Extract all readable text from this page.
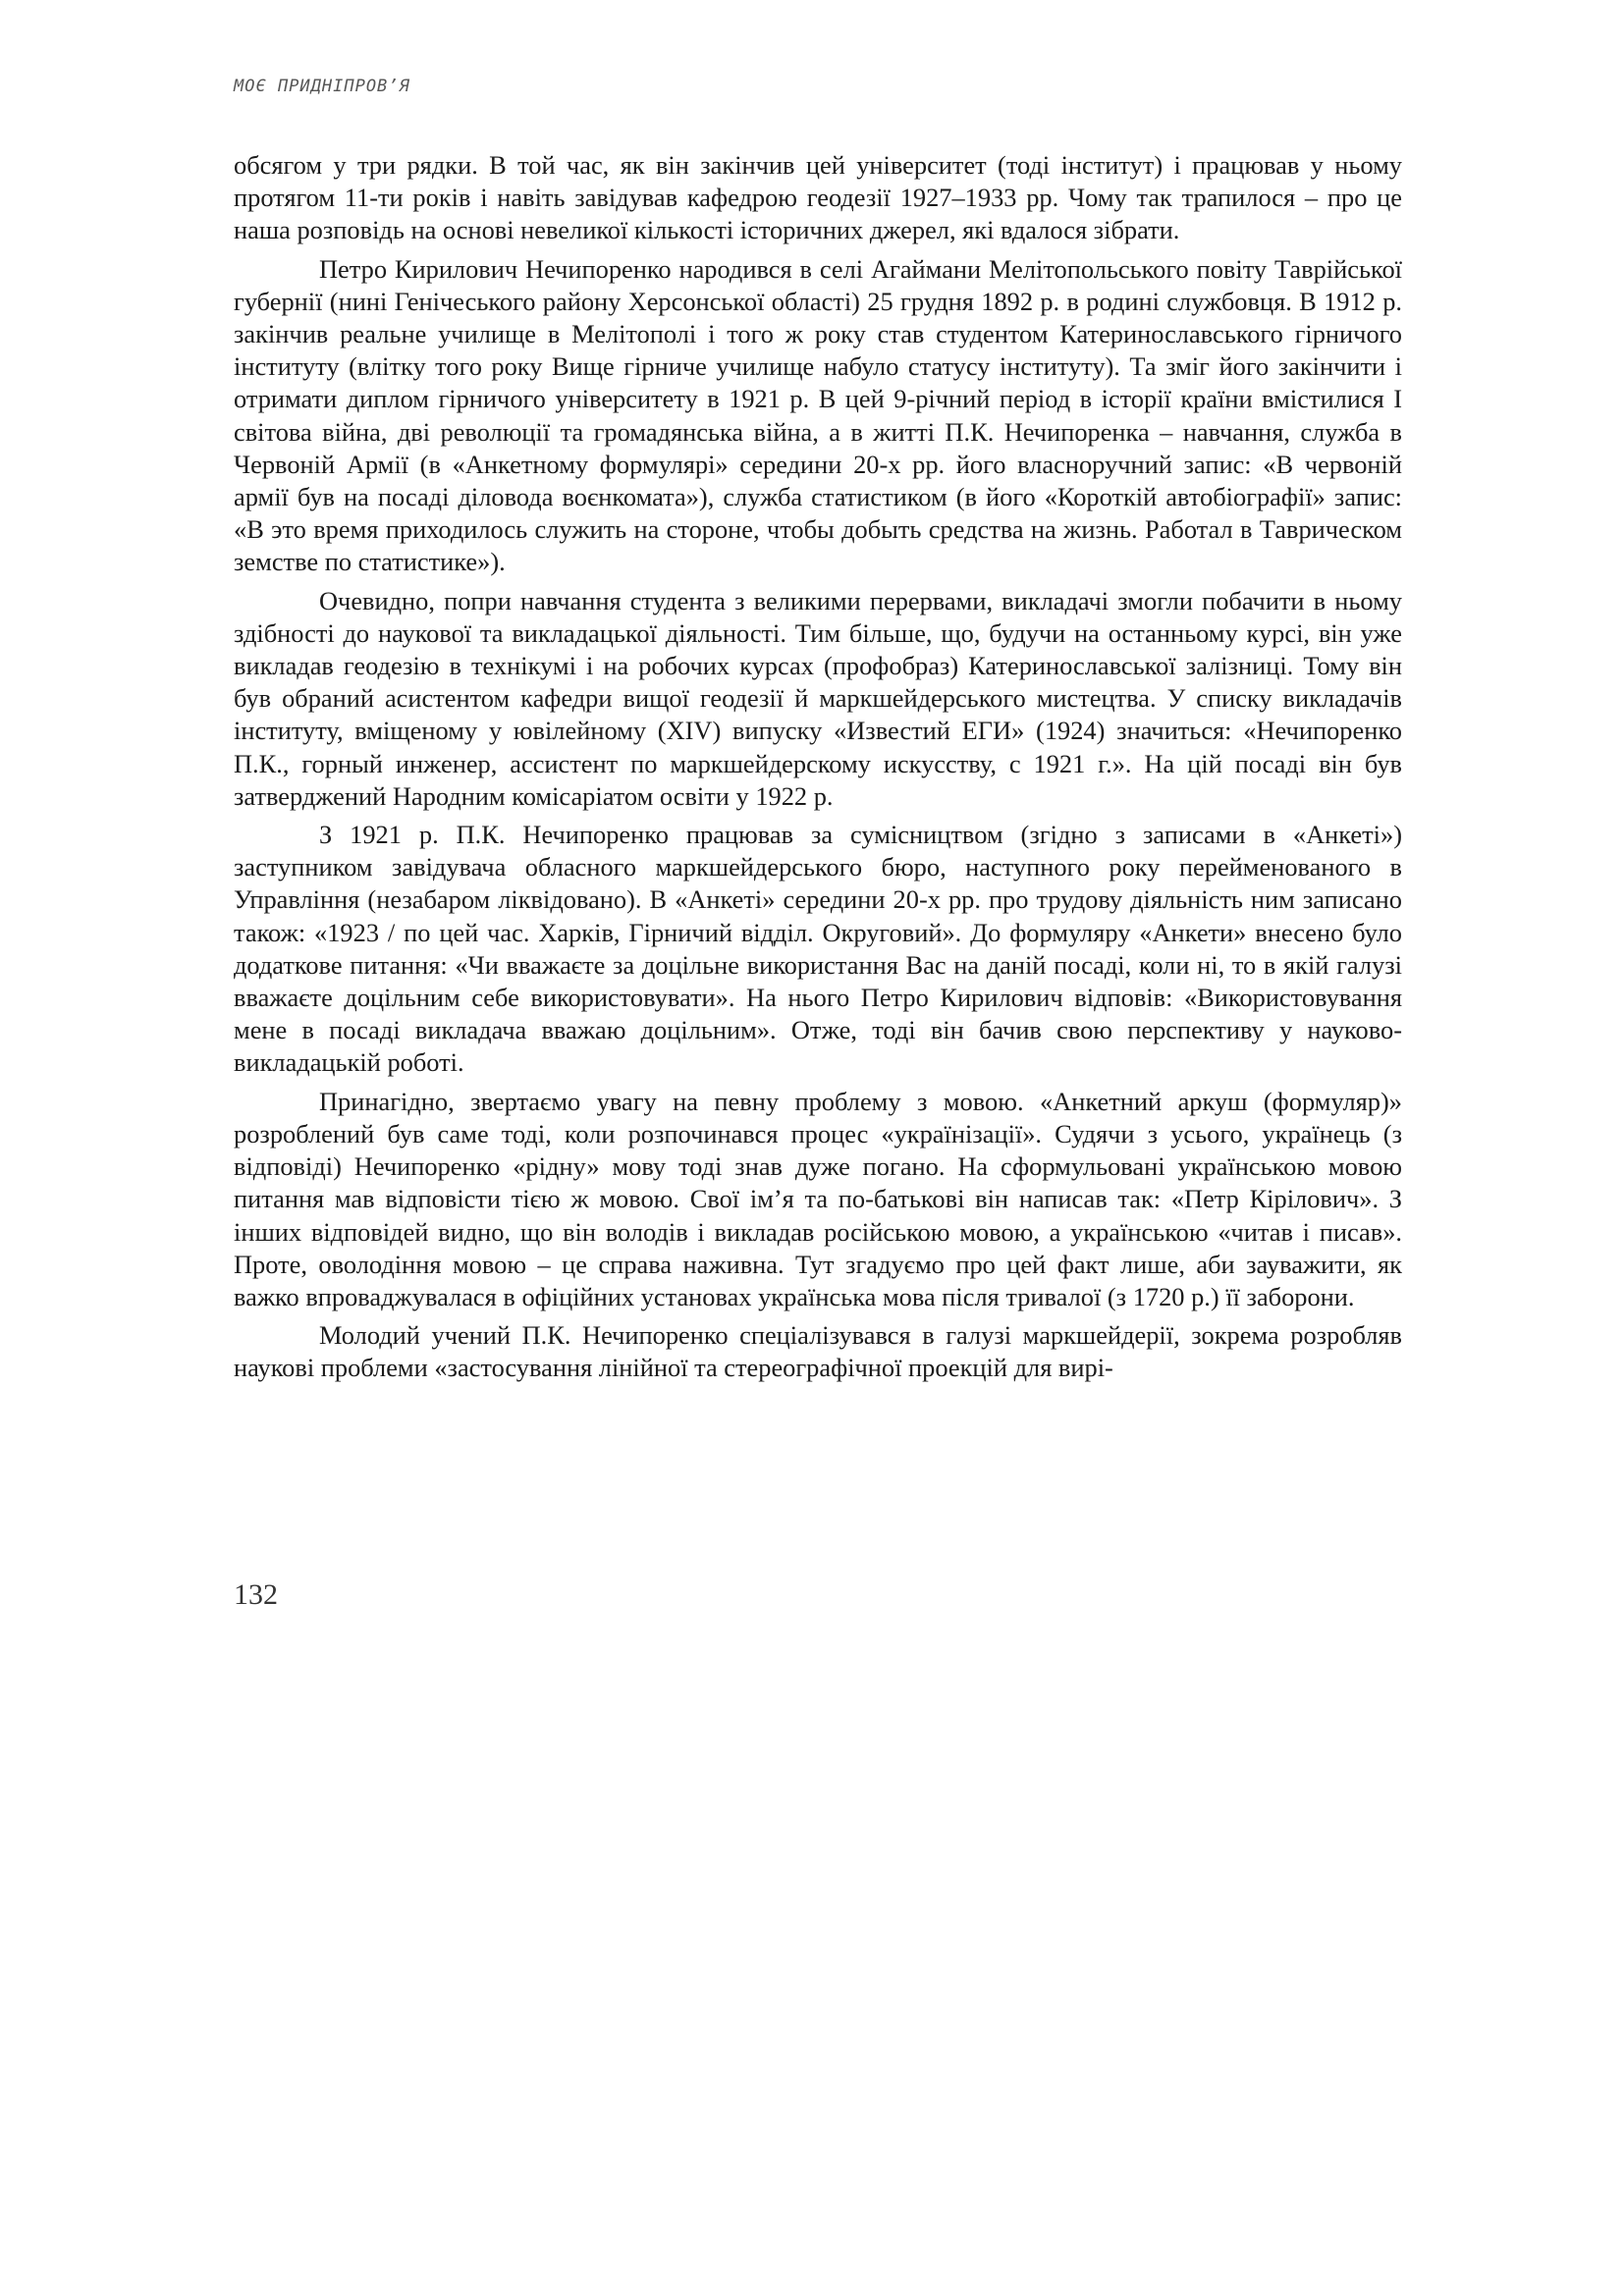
МОЄ ПРИДНІПРОВ’Я

обсягом у три рядки. В той час, як він закінчив цей університет (тоді інститут) і працював у ньому протягом 11-ти років і навіть завідував кафедрою геодезії 1927–1933 рр. Чому так трапилося – про це наша розповідь на основі невеликої кількості історичних джерел, які вдалося зібрати.

Петро Кирилович Нечипоренко народився в селі Агаймани Мелітопольського повіту Таврійської губернії (нині Генічеського району Херсонської області) 25 грудня 1892 р. в родині службовця. В 1912 р. закінчив реальне училище в Мелітополі і того ж року став студентом Катеринославського гірничого інституту (влітку того року Вище гірниче училище набуло статусу інституту). Та зміг його закінчити і отримати диплом гірничого університету в 1921 р. В цей 9-річний період в історії країни вмістилися I світова війна, дві революції та громадянська війна, а в житті П.К. Нечипоренка – навчання, служба в Червоній Армії (в «Анкетному формулярі» середини 20-х рр. його власноручний запис: «В червоній армії був на посаді діловода воєнкомата»), служба статистиком (в його «Короткій автобіографії» запис: «В это время приходилось служить на стороне, чтобы добыть средства на жизнь. Работал в Таврическом земстве по статистике»).

Очевидно, попри навчання студента з великими перервами, викладачі змогли побачити в ньому здібності до наукової та викладацької діяльності. Тим більше, що, будучи на останньому курсі, він уже викладав геодезію в технікумі і на робочих курсах (профобраз) Катеринославської залізниці. Тому він був обраний асистентом кафедри вищої геодезії й маркшейдерського мистецтва. У списку викладачів інституту, вміщеному у ювілейному (XIV) випуску «Известий ЕГИ» (1924) значиться: «Нечипоренко П.К., горный инженер, ассистент по маркшейдерскому искусству, с 1921 г.». На цій посаді він був затверджений Народним комісаріатом освіти у 1922 р.

З 1921 р. П.К. Нечипоренко працював за сумісництвом (згідно з записами в «Анкеті») заступником завідувача обласного маркшейдерського бюро, наступного року перейменованого в Управління (незабаром ліквідовано). В «Анкеті» середини 20-х рр. про трудову діяльність ним записано також: «1923 / по цей час. Харків, Гірничий відділ. Округовий». До формуляру «Анкети» внесено було додаткове питання: «Чи вважаєте за доцільне використання Вас на даній посаді, коли ні, то в якій галузі вважаєте доцільним себе використовувати». На нього Петро Кирилович відповів: «Використовування мене в посаді викладача вважаю доцільним». Отже, тоді він бачив свою перспективу у науково-викладацькій роботі.

Принагідно, звертаємо увагу на певну проблему з мовою. «Анкетний аркуш (формуляр)» розроблений був саме тоді, коли розпочинався процес «українізації». Судячи з усього, українець (з відповіді) Нечипоренко «рідну» мову тоді знав дуже погано. На сформульовані українською мовою питання мав відповісти тією ж мовою. Свої ім’я та по-батькові він написав так: «Петр Кірілович». З інших відповідей видно, що він володів і викладав російською мовою, а українською «читав і писав». Проте, оволодіння мовою – це справа наживна. Тут згадуємо про цей факт лише, аби зауважити, як важко впроваджувалася в офіційних установах українська мова після тривалої (з 1720 р.) її заборони.

Молодий учений П.К. Нечипоренко спеціалізувався в галузі маркшейдерії, зокрема розробляв наукові проблеми «застосування лінійної та стереографічної проекцій для вирі-

132
